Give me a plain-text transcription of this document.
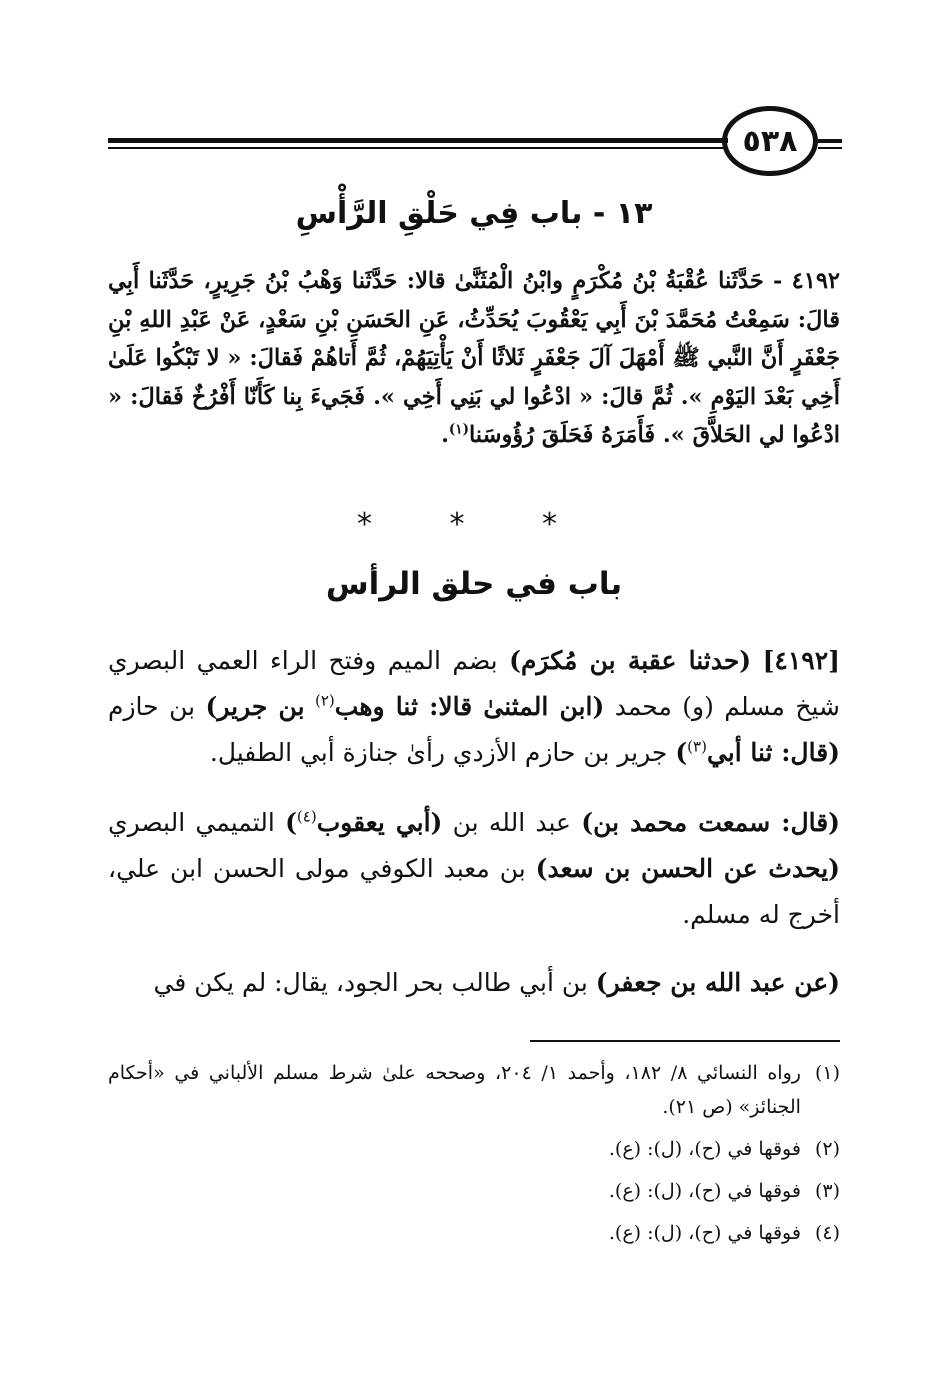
٥٣٨
١٣ - باب فِي حَلْقِ الرَّأْسِ
٤١٩٢ - حَدَّثَنا عُقْبَةُ بْنُ مُكْرَمٍ وابْنُ الْمُثَنَّىٰ قالا: حَدَّثَنا وَهْبُ بْنُ جَرِيرٍ، حَدَّثَنا أَبِي قالَ: سَمِعْتُ مُحَمَّدَ بْنَ أَبِي يَعْقُوبَ يُحَدِّثُ، عَنِ الحَسَنِ بْنِ سَعْدٍ، عَنْ عَبْدِ اللهِ بْنِ جَعْفَرٍ أَنَّ النَّبي ﷺ أَمْهَلَ آلَ جَعْفَرٍ ثَلاثًا أَنْ يَأْتِيَهُمْ، ثُمَّ أَتاهُمْ فَقالَ: « لا تَبْكُوا عَلَىٰ أَخِي بَعْدَ اليَوْمِ ». ثُمَّ قالَ: « ادْعُوا لي بَنِي أَخِي ». فَجَيءَ بِنا كَأَنّا أَفْرُخٌ فَقالَ: « ادْعُوا لي الحَلاَّقَ ». فَأَمَرَهُ فَحَلَقَ رُؤُوسَنا$^{(١)}$.
* * *
باب في حلق الرأس
[٤١٩٢] (حدثنا عقبة بن مُكرَم) بضم الميم وفتح الراء العمي البصري شيخ مسلم (و) محمد (ابن المثنىٰ قالا: ثنا وهب$^{(٢)}$ بن جرير) بن حازم (قال: ثنا أبي$^{(٣)}$) جرير بن حازم الأزدي رأىٰ جنازة أبي الطفيل.
(قال: سمعت محمد بن) عبد الله بن (أبي يعقوب$^{(٤)}$) التميمي البصري (يحدث عن الحسن بن سعد) بن معبد الكوفي مولى الحسن ابن علي، أخرج له مسلم.
(عن عبد الله بن جعفر) بن أبي طالب بحر الجود، يقال: لم يكن في
(١)
رواه النسائي ٨/ ١٨٢، وأحمد ١/ ٢٠٤، وصححه علىٰ شرط مسلم الألباني في «أحكام الجنائز» (ص ٢١).
(٢)
فوقها في (ح)، (ل): (ع).
(٣)
فوقها في (ح)، (ل): (ع).
(٤)
فوقها في (ح)، (ل): (ع).
